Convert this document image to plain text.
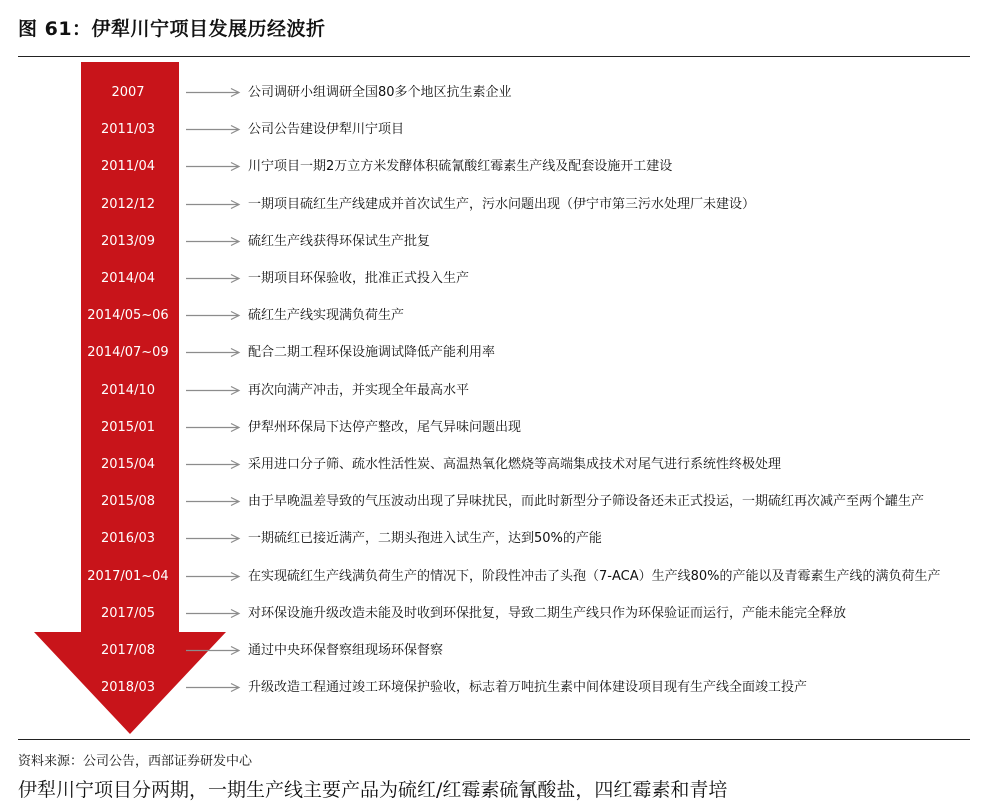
图 61：伊犁川宁项目发展历经波折
2007	公司调研小组调研全国80多个地区抗生素企业
2011/03	公司公告建设伊犁川宁项目
2011/04	川宁项目一期2万立方米发酵体积硫氰酸红霉素生产线及配套设施开工建设
2012/12	一期项目硫红生产线建成并首次试生产，污水问题出现（伊宁市第三污水处理厂未建设）
2013/09	硫红生产线获得环保试生产批复
2014/04	一期项目环保验收，批准正式投入生产
2014/05~06	硫红生产线实现满负荷生产
2014/07~09	配合二期工程环保设施调试降低产能利用率
2014/10	再次向满产冲击，并实现全年最高水平
2015/01	伊犁州环保局下达停产整改，尾气异味问题出现
2015/04	采用进口分子筛、疏水性活性炭、高温热氧化燃烧等高端集成技术对尾气进行系统性终极处理
2015/08	由于早晚温差导致的气压波动出现了异味扰民，而此时新型分子筛设备还未正式投运，一期硫红再次减产至两个罐生产
2016/03	一期硫红已接近满产，二期头孢进入试生产，达到50%的产能
2017/01~04	在实现硫红生产线满负荷生产的情况下，阶段性冲击了头孢（7-ACA）生产线80%的产能以及青霉素生产线的满负荷生产
2017/05	对环保设施升级改造未能及时收到环保批复，导致二期生产线只作为环保验证而运行，产能未能完全释放
2017/08	通过中央环保督察组现场环保督察
2018/03	升级改造工程通过竣工环境保护验收，标志着万吨抗生素中间体建设项目现有生产线全面竣工投产
资料来源：公司公告，西部证券研发中心
伊犁川宁项目分两期，一期生产线主要产品为硫红/红霉素硫氰酸盐，四红霉素和青培
